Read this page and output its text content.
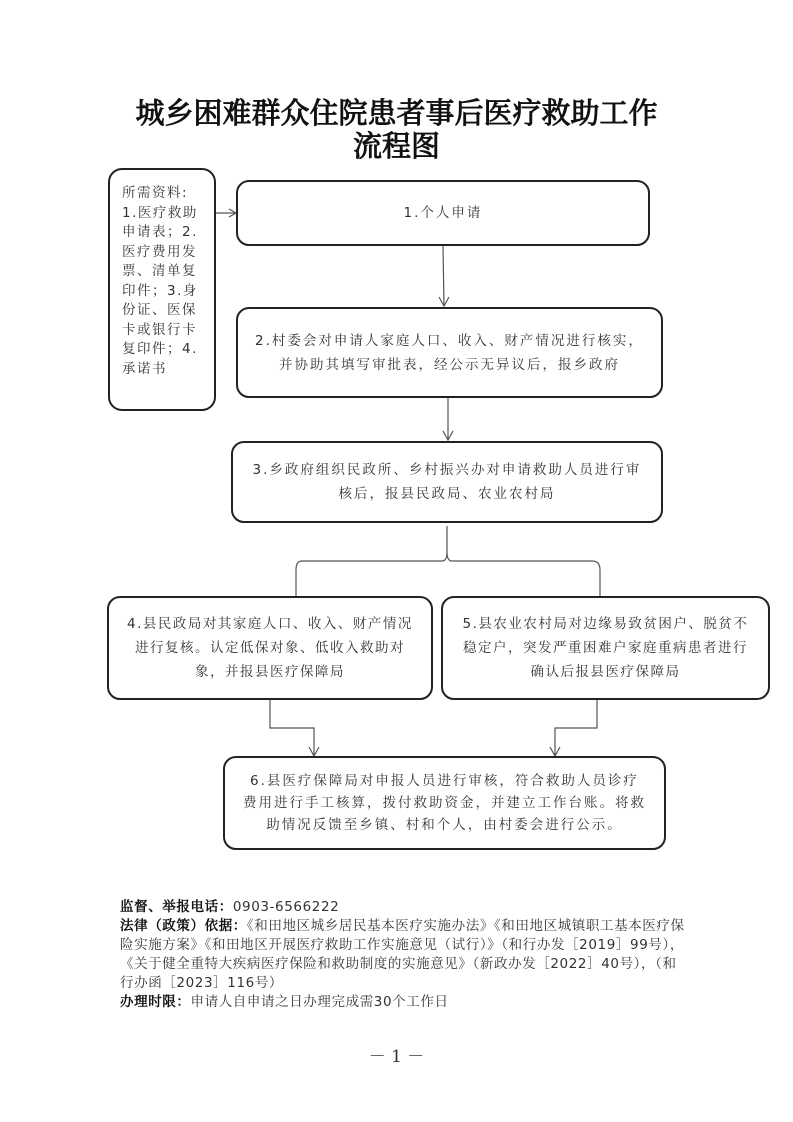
城乡困难群众住院患者事后医疗救助工作
流程图
所需资料:
1.医疗救助申请表；2.医疗费用发票、清单复印件；3.身份证、医保卡或银行卡复印件；4.承诺书
1.个人申请
2.村委会对申请人家庭人口、收入、财产情况进行核实，并协助其填写审批表，经公示无异议后，报乡政府
3.乡政府组织民政所、乡村振兴办对申请救助人员进行审核后，报县民政局、农业农村局
4.县民政局对其家庭人口、收入、财产情况进行复核。认定低保对象、低收入救助对象，并报县医疗保障局
5.县农业农村局对边缘易致贫困户、脱贫不稳定户，突发严重困难户家庭重病患者进行确认后报县医疗保障局
6.县医疗保障局对申报人员进行审核，符合救助人员诊疗费用进行手工核算，拨付救助资金，并建立工作台账。将救助情况反馈至乡镇、村和个人，由村委会进行公示。
监督、举报电话：0903-6566222
法律（政策）依据：《和田地区城乡居民基本医疗实施办法》《和田地区城镇职工基本医疗保险实施方案》《和田地区开展医疗救助工作实施意见（试行）》（和行办发［2019］99号），《关于健全重特大疾病医疗保险和救助制度的实施意见》（新政办发［2022］40号），（和行办函［2023］116号）
办理时限：申请人自申请之日办理完成需30个工作日
－ 1 －
